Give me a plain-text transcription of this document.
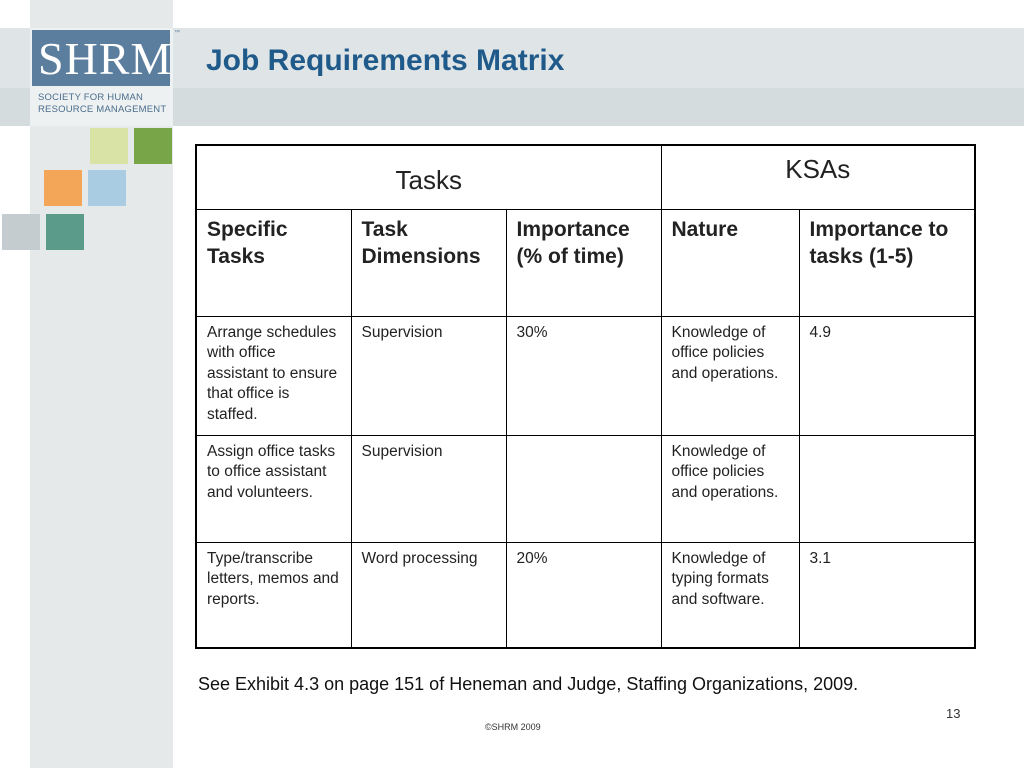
SHRM ™
SOCIETY FOR HUMAN
RESOURCE MANAGEMENT
Job Requirements Matrix
Tasks			KSAs	
Specific Tasks	Task Dimensions	Importance (% of time)	Nature	Importance to tasks (1-5)
Arrange schedules with office assistant to ensure that office is staffed.	Supervision	30%	Knowledge of office policies and operations.	4.9
Assign office tasks to office assistant and volunteers.	Supervision		Knowledge of office policies and operations.	
Type/transcribe letters, memos and reports.	Word processing	20%	Knowledge of typing formats and software.	3.1
See Exhibit 4.3 on page 151 of Heneman and Judge, Staffing Organizations, 2009.
13
©SHRM 2009
